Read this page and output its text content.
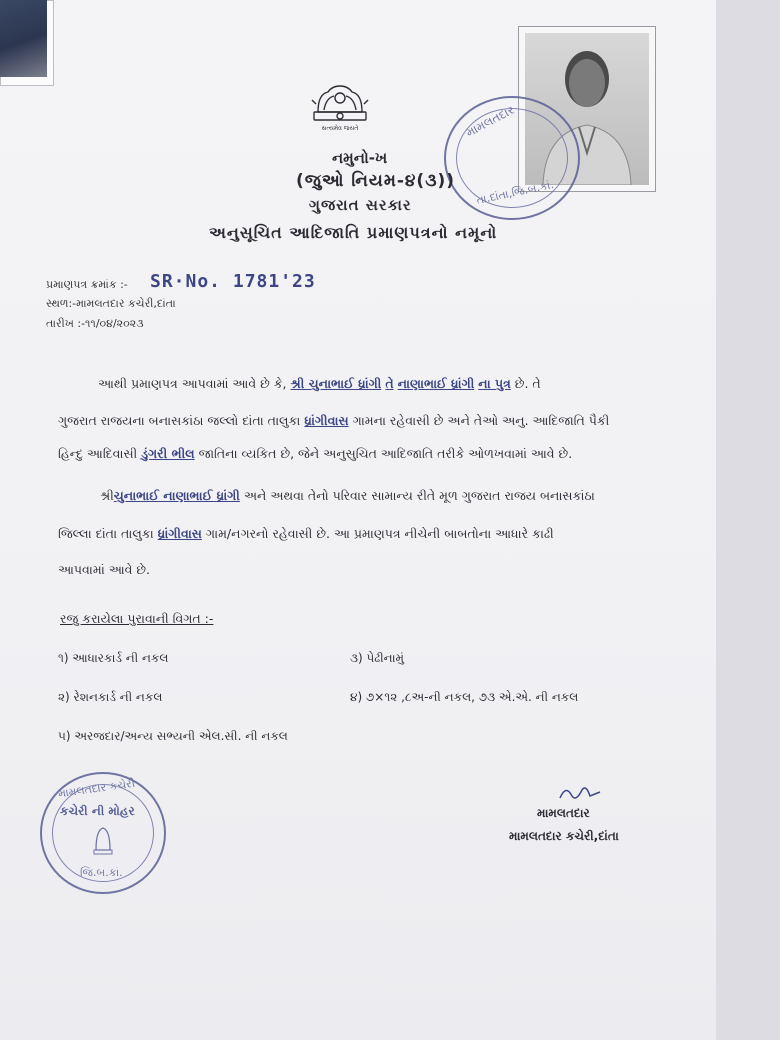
સત્યમેવ જયતે	મામલતદાર
તા.દાંતા,જિ.બ.કાં.
નમુનો-ખ
(જુઓ નિયમ-૪(૩))
ગુજરાત સરકાર
અનુસૂચિત આદિજાતિ પ્રમાણપત્રનો નમૂનો
પ્રમાણપત્ર ક્રમાંક :- SR·No. 1781'23
સ્થળ:-મામલતદાર કચેરી,દાંતા
તારીખ :-૧૧/૦૪/૨૦૨૩
આથી પ્રમાણપત્ર આપવામાં આવે છે કે, શ્રી ચુનાભાઈ ધ્રાંગી તે નાણાભાઈ ધ્રાંગી ના પુત્ર છે. તે
ગુજરાત રાજયના બનાસકાંઠા જલ્લો દાંતા તાલુકા ધ્રાંગીવાસ ગામના રહેવાસી છે અને તેઓ અનુ. આદિજાતિ પૈકી
હિન્દુ આદિવાસી ડુંગરી ભીલ જાતિના વ્યકિત છે, જેને અનુસુચિત આદિજાતિ તરીકે ઓળખવામાં આવે છે.
શ્રીચુનાભાઈ નાણાભાઈ ધ્રાંગી અને અથવા તેનો પરિવાર સામાન્ય રીતે મૂળ ગુજરાત રાજય બનાસકાંઠા
જિલ્લા દાંતા તાલુકા ધ્રાંગીવાસ ગામ/નગરનો રહેવાસી છે. આ પ્રમાણપત્ર નીચેની બાબતોના આધારે કાઢી
આપવામાં આવે છે.
રજુ કરાયેલા પુરાવાની વિગત :-
૧) આધારકાર્ડ ની નકલ	૩) પેઢીનામું
૨) રેશનકાર્ડ ની નકલ	૪) ૭×૧૨ ,૮અ-ની નકલ, ૭૩ એ.એ. ની નકલ
૫) અરજદાર/અન્ય સભ્યની એલ.સી. ની નકલ
મામલતદાર કચેરી
કચેરી ની મોહર
જિ.બ.કાં.
મામલતદાર
મામલતદાર કચેરી,દાંતા
